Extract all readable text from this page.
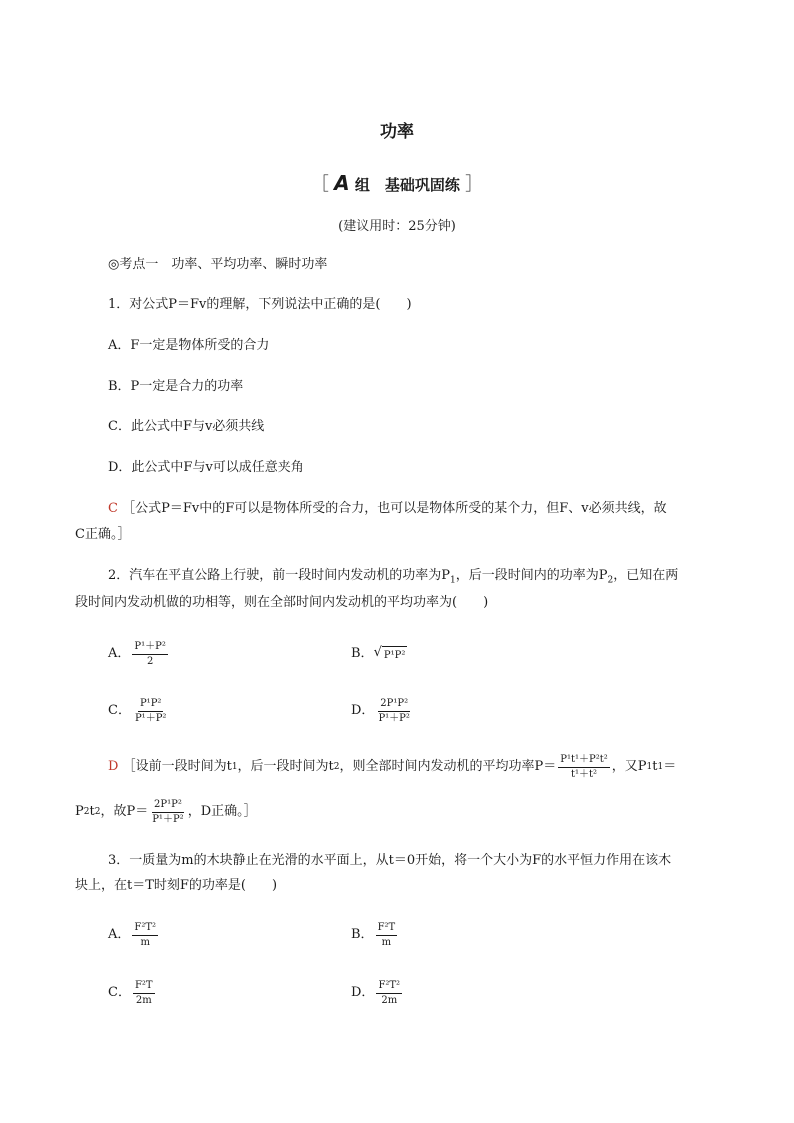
功率
［ A 组　基础巩固练 ］
(建议用时：25分钟)
◎考点一　功率、平均功率、瞬时功率
1．对公式P＝Fv的理解，下列说法中正确的是(　　)
A．F一定是物体所受的合力
B．P一定是合力的功率
C．此公式中F与v必须共线
D．此公式中F与v可以成任意夹角
C ［公式P＝Fv中的F可以是物体所受的合力，也可以是物体所受的某个力，但F、v必须共线，故
C正确。］
2．汽车在平直公路上行驶，前一段时间内发动机的功率为$P_1$，后一段时间内的功率为$P_2$，已知在两
段时间内发动机做的功相等，则在全部时间内发动机的平均功率为(　　)
A． $\frac{\text{P¹＋P²}}{2}$	B． √ P¹P²
C． $\frac{\text{P¹P²}}{\text{P¹＋P²}}$	D． $\frac{\text{2P¹P²}}{\text{P¹＋P²}}$
D
［设前一段时间为t 1 ，后一段时间为t 2 ，则全部时间内发动机的平均功率$P= \frac{\text{P¹t¹＋P²t²}}{\text{t¹＋t²}}$ ，又P 1 t 1 ＝
P 2 t 2 ，故$P= \frac{\text{2P¹P²}}{\text{P¹＋P²}}$ ，D正确。］
3．一质量为m的木块静止在光滑的水平面上，从t＝0开始，将一个大小为F的水平恒力作用在该木
块上，在t＝T时刻F的功率是(　　)
A． $\frac{\text{F²T²}}{m}$	B． $\frac{\text{F²T}}{m}$
C． $\frac{\text{F²T}}{2m}$	D． $\frac{\text{F²T²}}{2m}$
